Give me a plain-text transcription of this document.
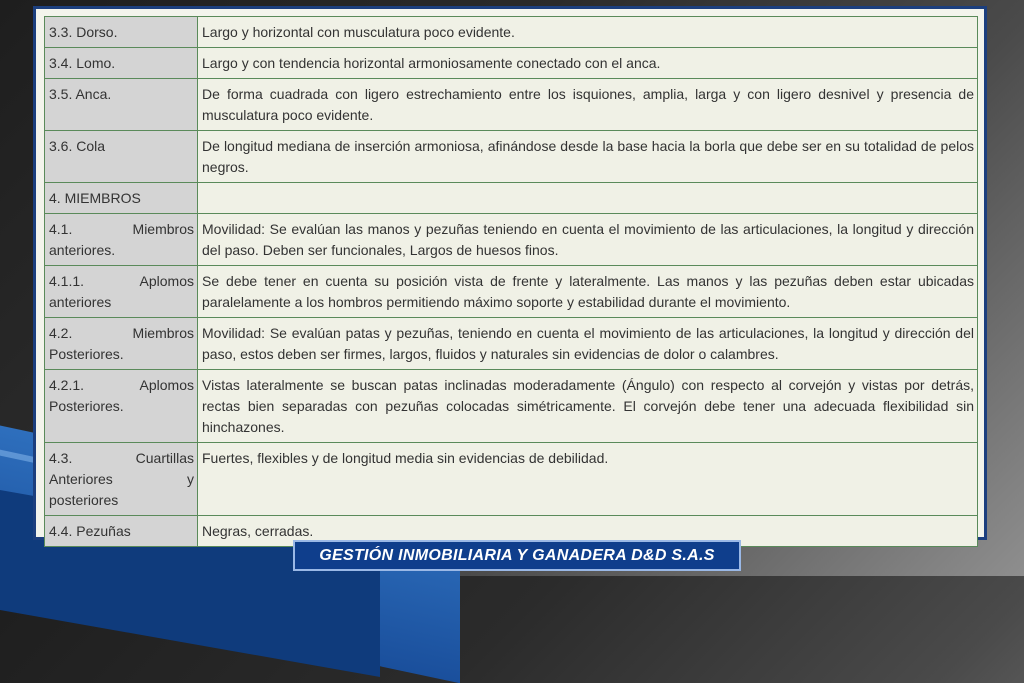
3.3. Dorso.	Largo y horizontal con musculatura poco evidente.
3.4. Lomo.	Largo y con tendencia horizontal armoniosamente conectado con el anca.
3.5. Anca.	De forma cuadrada con ligero estrechamiento entre los isquiones, amplia, larga y con ligero desnivel y presencia de musculatura poco evidente.
3.6. Cola	De longitud mediana de inserción armoniosa, afinándose desde la base hacia la borla que debe ser en su totalidad de pelos negros.
4. MIEMBROS	
4.1. Miembros anteriores.	Movilidad: Se evalúan las manos y pezuñas teniendo en cuenta el movimiento de las articulaciones, la longitud y dirección del paso. Deben ser funcionales, Largos de huesos finos.
4.1.1. Aplomos anteriores	Se debe tener en cuenta su posición vista de frente y lateralmente. Las manos y las pezuñas deben estar ubicadas paralelamente a los hombros permitiendo máximo soporte y estabilidad durante el movimiento.
4.2. Miembros Posteriores.	Movilidad: Se evalúan patas y pezuñas, teniendo en cuenta el movimiento de las articulaciones, la longitud y dirección del paso, estos deben ser firmes, largos, fluidos y naturales sin evidencias de dolor o calambres.
4.2.1. Aplomos Posteriores.	Vistas lateralmente se buscan patas inclinadas moderadamente (Ángulo) con respecto al corvejón y vistas por detrás, rectas bien separadas con pezuñas colocadas simétricamente. El corvejón debe tener una adecuada flexibilidad sin hinchazones.
4.3. Cuartillas Anteriores y posteriores	Fuertes, flexibles y de longitud media sin evidencias de debilidad.
4.4. Pezuñas	Negras, cerradas.
GESTIÓN INMOBILIARIA Y GANADERA D&D S.A.S
